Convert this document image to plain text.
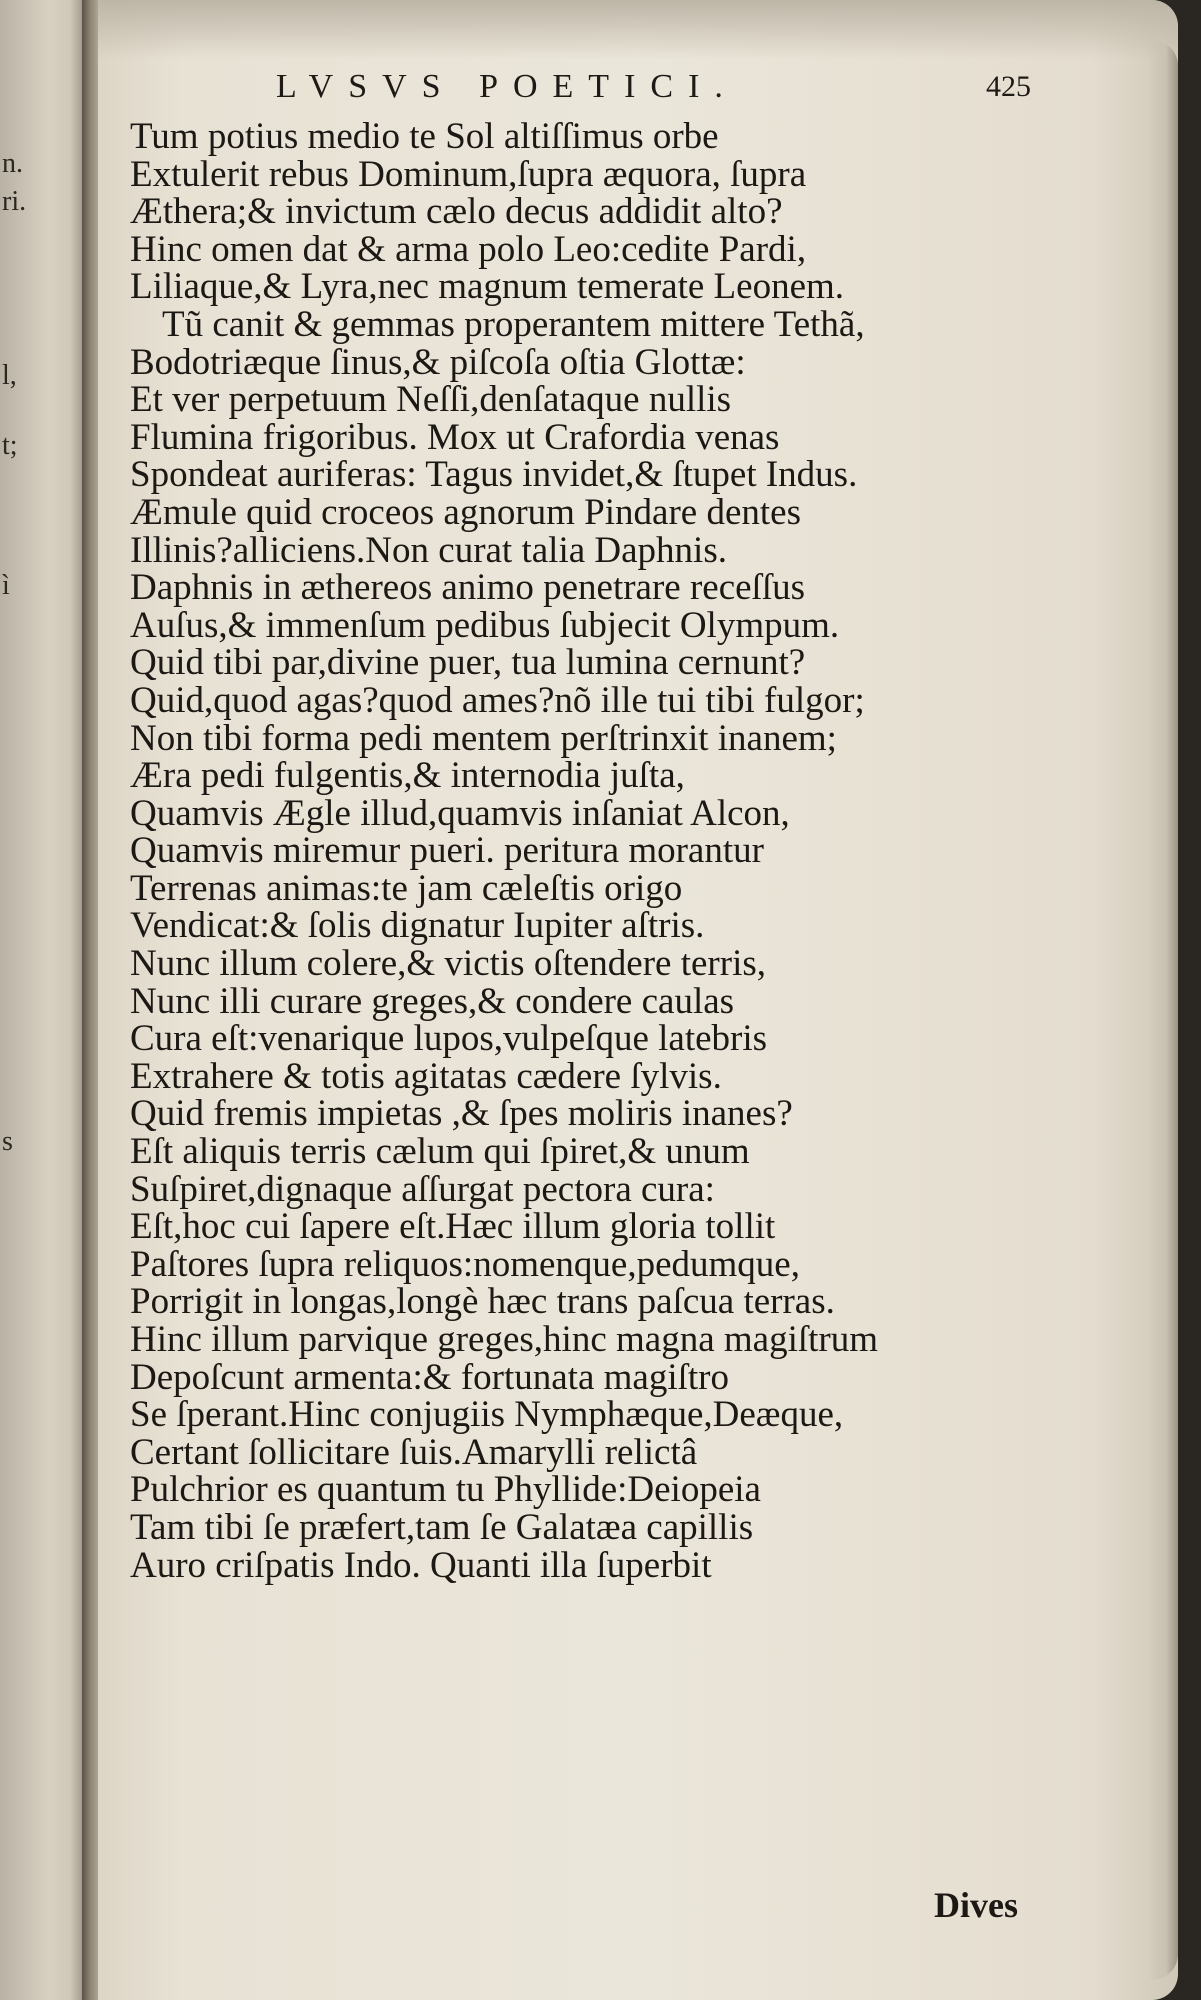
n.
ri.
l,
t;
ì
s
LVSVS POETICI.	425
Tum potius medio te Sol altiſſimus orbe
Extulerit rebus Dominum,ſupra æquora, ſupra
Æthera;& invictum cælo decus addidit alto?
Hinc omen dat & arma polo Leo:cedite Pardi,
Liliaque,& Lyra,nec magnum temerate Leonem.
Tũ canit & gemmas properantem mittere Tethã,
Bodotriæque ſinus,& piſcoſa oſtia Glottæ:
Et ver perpetuum Neſſi,denſataque nullis
Flumina frigoribus. Mox ut Crafordia venas
Spondeat auriferas: Tagus invidet,& ſtupet Indus.
Æmule quid croceos agnorum Pindare dentes
Illinis?alliciens.Non curat talia Daphnis.
Daphnis in æthereos animo penetrare receſſus
Auſus,& immenſum pedibus ſubjecit Olympum.
Quid tibi par,divine puer, tua lumina cernunt?
Quid,quod agas?quod ames?nõ ille tui tibi fulgor;
Non tibi forma pedi mentem perſtrinxit inanem;
Æra pedi fulgentis,& internodia juſta,
Quamvis Ægle illud,quamvis inſaniat Alcon,
Quamvis miremur pueri. peritura morantur
Terrenas animas:te jam cæleſtis origo
Vendicat:& ſolis dignatur Iupiter aſtris.
Nunc illum colere,& victis oſtendere terris,
Nunc illi curare greges,& condere caulas
Cura eſt:venarique lupos,vulpeſque latebris
Extrahere & totis agitatas cædere ſylvis.
Quid fremis impietas ,& ſpes moliris inanes?
Eſt aliquis terris cælum qui ſpiret,& unum
Suſpiret,dignaque aſſurgat pectora cura:
Eſt,hoc cui ſapere eſt.Hæc illum gloria tollit
Paſtores ſupra reliquos:nomenque,pedumque,
Porrigit in longas,longè hæc trans paſcua terras.
Hinc illum parvique greges,hinc magna magiſtrum
Depoſcunt armenta:& fortunata magiſtro
Se ſperant.Hinc conjugiis Nymphæque,Deæque,
Certant ſollicitare ſuis.Amarylli relictâ
Pulchrior es quantum tu Phyllide:Deiopeia
Tam tibi ſe præfert,tam ſe Galatæa capillis
Auro criſpatis Indo. Quanti illa ſuperbit
Dives
